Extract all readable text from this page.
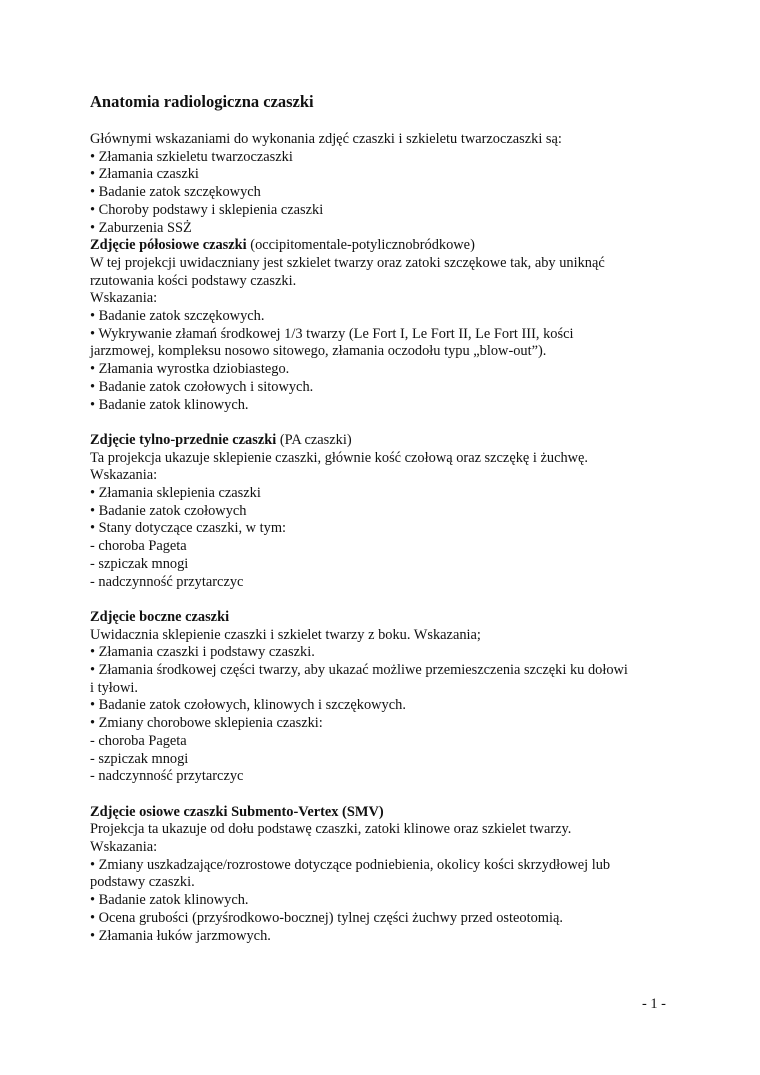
Anatomia radiologiczna czaszki

Głównymi wskazaniami do wykonania zdjęć czaszki i szkieletu twarzoczaszki są:

• Złamania szkieletu twarzoczaszki

• Złamania czaszki

• Badanie zatok szczękowych

• Choroby podstawy i sklepienia czaszki

• Zaburzenia SSŻ

Zdjęcie półosiowe czaszki (occipitomentale-potylicznobródkowe)

W tej projekcji uwidaczniany jest szkielet twarzy oraz zatoki szczękowe tak, aby uniknąć

rzutowania kości podstawy czaszki.

Wskazania:

• Badanie zatok szczękowych.

• Wykrywanie złamań środkowej 1/3 twarzy (Le Fort I, Le Fort II, Le Fort III, kości

jarzmowej, kompleksu nosowo sitowego, złamania oczodołu typu „blow-out”).

• Złamania wyrostka dziobiastego.

• Badanie zatok czołowych i sitowych.

• Badanie zatok klinowych.

Zdjęcie tylno-przednie czaszki (PA czaszki)

Ta projekcja ukazuje sklepienie czaszki, głównie kość czołową oraz szczękę i żuchwę.

Wskazania:

• Złamania sklepienia czaszki

• Badanie zatok czołowych

• Stany dotyczące czaszki, w tym:

- choroba Pageta

- szpiczak mnogi

- nadczynność przytarczyc

Zdjęcie boczne czaszki

Uwidacznia sklepienie czaszki i szkielet twarzy z boku. Wskazania;

• Złamania czaszki i podstawy czaszki.

• Złamania środkowej części twarzy, aby ukazać możliwe przemieszczenia szczęki ku dołowi

i tyłowi.

• Badanie zatok czołowych, klinowych i szczękowych.

• Zmiany chorobowe sklepienia czaszki:

- choroba Pageta

- szpiczak mnogi

- nadczynność przytarczyc

Zdjęcie osiowe czaszki Submento-Vertex (SMV)

Projekcja ta ukazuje od dołu podstawę czaszki, zatoki klinowe oraz szkielet twarzy.

Wskazania:

• Zmiany uszkadzające/rozrostowe dotyczące podniebienia, okolicy kości skrzydłowej lub

podstawy czaszki.

• Badanie zatok klinowych.

• Ocena grubości (przyśrodkowo-bocznej) tylnej części żuchwy przed osteotomią.

• Złamania łuków jarzmowych.

- 1 -
